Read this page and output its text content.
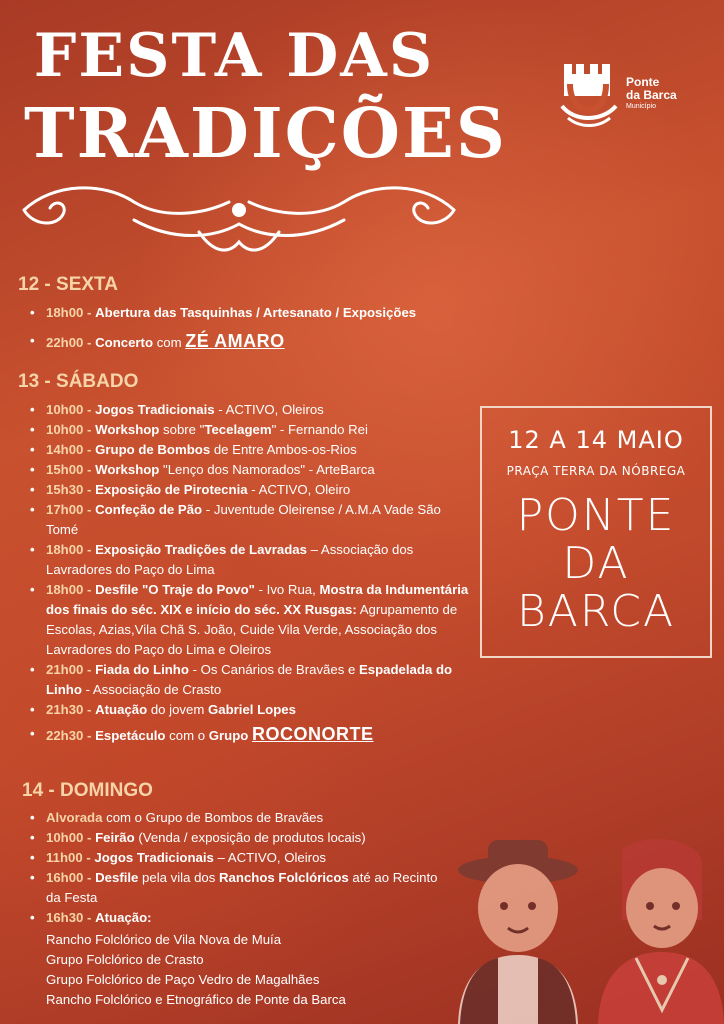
FESTA DAS
TRADIÇÕES
Ponte
da Barca
Município
12 - SEXTA
• 18h00 - Abertura das Tasquinhas / Artesanato / Exposições
• 22h00 - Concerto com ZÉ AMARO
13 - SÁBADO
• 10h00 - Jogos Tradicionais - ACTIVO, Oleiros
• 10h00 - Workshop sobre "Tecelagem" - Fernando Rei
• 14h00 - Grupo de Bombos de Entre Ambos-os-Rios
• 15h00 - Workshop "Lenço dos Namorados" - ArteBarca
• 15h30 - Exposição de Pirotecnia - ACTIVO, Oleiro
• 17h00 - Confeção de Pão - Juventude Oleirense / A.M.A Vade São Tomé
• 18h00 - Exposição Tradições de Lavradas – Associação dos Lavradores do Paço do Lima
• 18h00 - Desfile "O Traje do Povo" - Ivo Rua, Mostra da Indumentária dos finais do séc. XIX e início do séc. XX Rusgas: Agrupamento de Escolas, Azias,Vila Chã S. João, Cuide Vila Verde, Associação dos Lavradores do Paço do Lima e Oleiros
• 21h00 - Fiada do Linho - Os Canários de Bravães e Espadelada do Linho - Associação de Crasto
• 21h30 - Atuação do jovem Gabriel Lopes
• 22h30 - Espetáculo com o Grupo ROCONORTE
12 A 14 MAIO
PRAÇA TERRA DA NÓBREGA
PONTE
DA
BARCA
14 - DOMINGO
• Alvorada com o Grupo de Bombos de Bravães
• 10h00 - Feirão (Venda / exposição de produtos locais)
• 11h00 - Jogos Tradicionais – ACTIVO, Oleiros
• 16h00 - Desfile pela vila dos Ranchos Folclóricos até ao Recinto da Festa
• 16h30 - Atuação:
Rancho Folclórico de Vila Nova de Muía
Grupo Folclórico de Crasto
Grupo Folclórico de Paço Vedro de Magalhães
Rancho Folclórico e Etnográfico de Ponte da Barca
